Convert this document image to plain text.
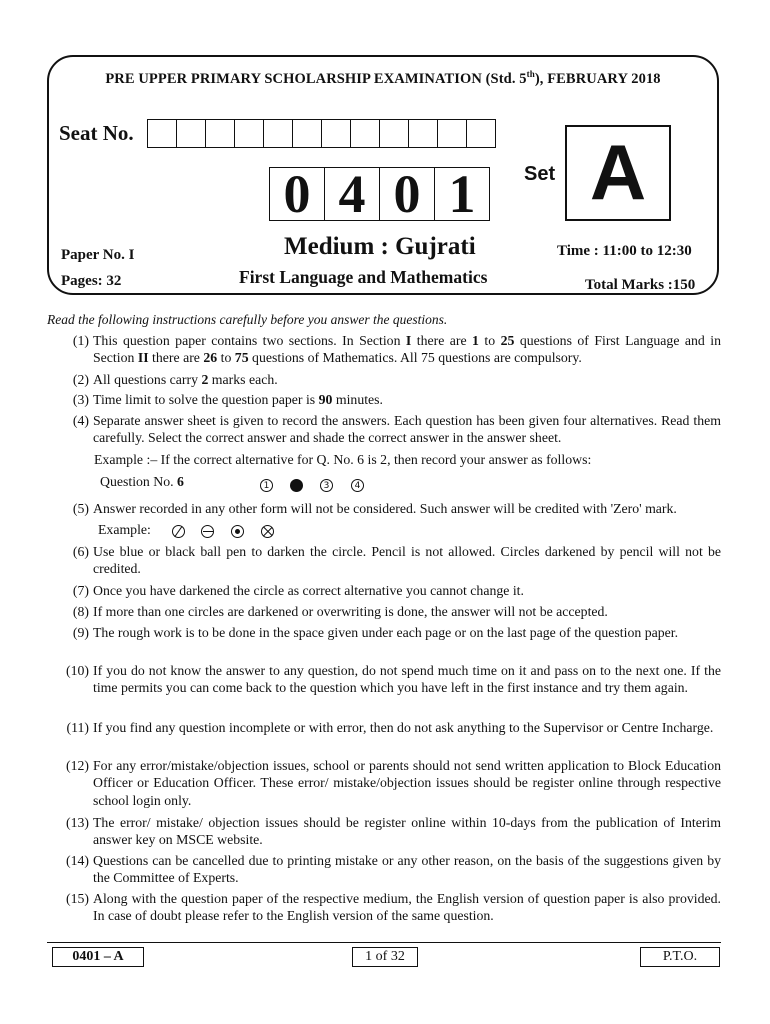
PRE UPPER PRIMARY SCHOLARSHIP EXAMINATION (Std. 5th), FEBRUARY 2018
Seat No.
0 4 0 1	Set A
Paper No. I
Pages: 32
Medium : Gujrati
First Language and Mathematics
Time : 11:00 to 12:30
Total Marks :150
Read the following instructions carefully before you answer the questions.
(1) This question paper contains two sections. In Section I there are 1 to 25 questions of First Language and in Section II there are 26 to 75 questions of Mathematics. All 75 questions are compulsory.
(2) All questions carry 2 marks each.
(3) Time limit to solve the question paper is 90 minutes.
(4) Separate answer sheet is given to record the answers. Each question has been given four alternatives. Read them carefully. Select the correct answer and shade the correct answer in the answer sheet.
Example :– If the correct alternative for Q. No. 6 is 2, then record your answer as follows:
Question No. 6	1	3	4
(5) Answer recorded in any other form will not be considered. Such answer will be credited with 'Zero' mark.
Example:
(6) Use blue or black ball pen to darken the circle. Pencil is not allowed. Circles darkened by pencil will not be credited.
(7) Once you have darkened the circle as correct alternative you cannot change it.
(8) If more than one circles are darkened or overwriting is done, the answer will not be accepted.
(9) The rough work is to be done in the space given under each page or on the last page of the question paper.
(10) If you do not know the answer to any question, do not spend much time on it and pass on to the next one. If the time permits you can come back to the question which you have left in the first instance and try them again.
(11) If you find any question incomplete or with error, then do not ask anything to the Supervisor or Centre Incharge.
(12) For any error/mistake/objection issues, school or parents should not send written application to Block Education Officer or Education Officer. These error/ mistake/objection issues should be register online through respective school login only.
(13) The error/ mistake/ objection issues should be register online within 10-days from the publication of Interim answer key on MSCE website.
(14) Questions can be cancelled due to printing mistake or any other reason, on the basis of the suggestions given by the Committee of Experts.
(15) Along with the question paper of the respective medium, the English version of question paper is also provided. In case of doubt please refer to the English version of the same question.
0401 – A	1 of 32	P.T.O.
